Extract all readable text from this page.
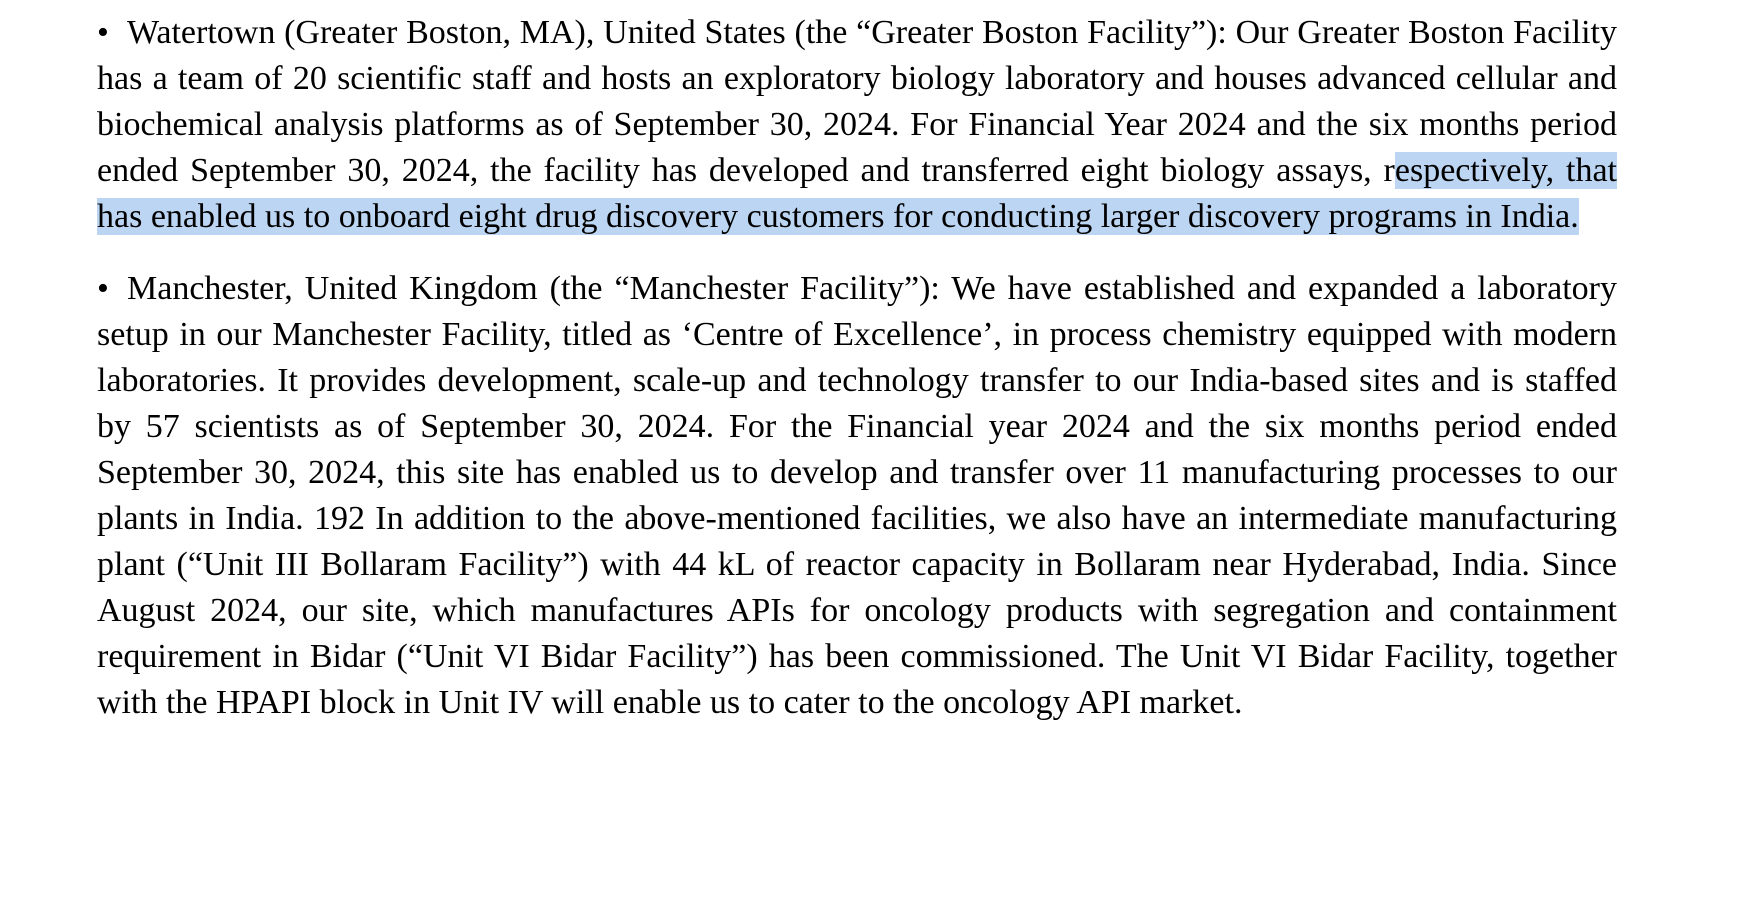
• Watertown (Greater Boston, MA), United States (the “Greater Boston Facility”): Our Greater Boston Facility has a team of 20 scientific staff and hosts an exploratory biology laboratory and houses advanced cellular and biochemical analysis platforms as of September 30, 2024. For Financial Year 2024 and the six months period ended September 30, 2024, the facility has developed and transferred eight biology assays, respectively, that has enabled us to onboard eight drug discovery customers for conducting larger discovery programs in India.

• Manchester, United Kingdom (the “Manchester Facility”): We have established and expanded a laboratory setup in our Manchester Facility, titled as ‘Centre of Excellence’, in process chemistry equipped with modern laboratories. It provides development, scale-up and technology transfer to our India-based sites and is staffed by 57 scientists as of September 30, 2024. For the Financial year 2024 and the six months period ended September 30, 2024, this site has enabled us to develop and transfer over 11 manufacturing processes to our plants in India. 192 In addition to the above-mentioned facilities, we also have an intermediate manufacturing plant (“Unit III Bollaram Facility”) with 44 kL of reactor capacity in Bollaram near Hyderabad, India. Since August 2024, our site, which manufactures APIs for oncology products with segregation and containment requirement in Bidar (“Unit VI Bidar Facility”) has been commissioned. The Unit VI Bidar Facility, together with the HPAPI block in Unit IV will enable us to cater to the oncology API market.
